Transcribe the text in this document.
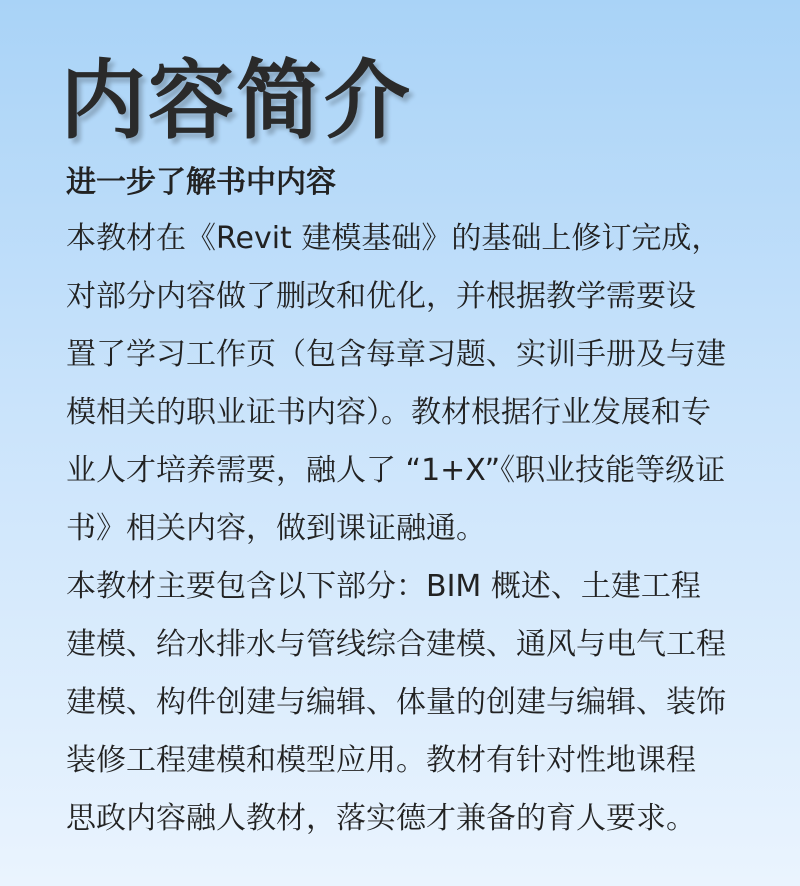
内容简介
进一步了解书中内容

本教材在《Revit 建模基础》的基础上修订完成，
对部分内容做了删改和优化，并根据教学需要设
置了学习工作页（包含每章习题、实训手册及与建
模相关的职业证书内容）。教材根据行业发展和专
业人才培养需要，融人了 “1+X”《职业技能等级证
书》相关内容，做到课证融通。

本教材主要包含以下部分：BIM 概述、土建工程
建模、给水排水与管线综合建模、通风与电气工程
建模、构件创建与编辑、体量的创建与编辑、装饰
装修工程建模和模型应用。教材有针对性地课程
思政内容融人教材，落实德才兼备的育人要求。
